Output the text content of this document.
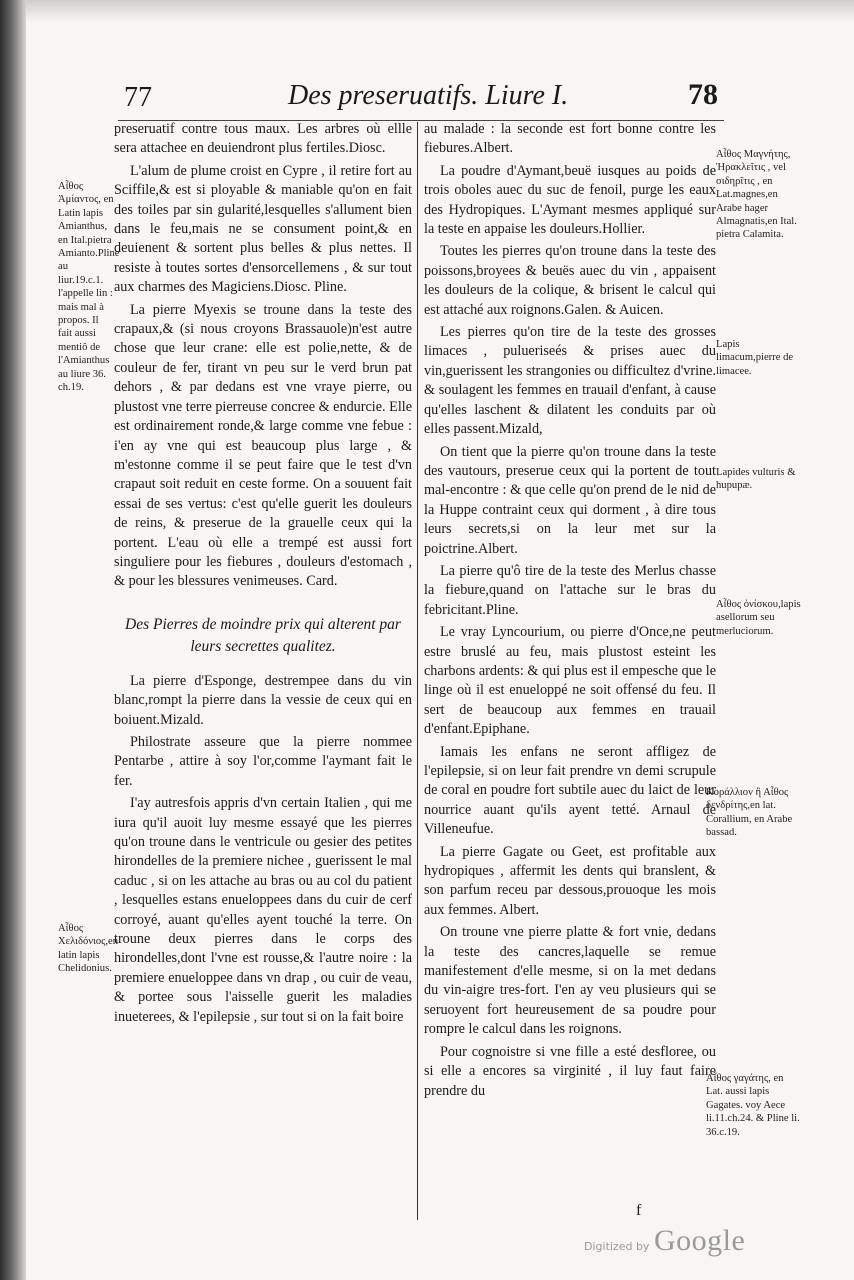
77	Des preseruatifs. Liure I.	78

preseruatif contre tous maux. Les arbres où ellle sera attachee en deuiendront plus fertiles.Diosc.

L'alum de plume croist en Cypre , il retire fort au Sciffile,& est si ployable & maniable qu'on en fait des toiles par sin gularité,lesquelles s'allument bien dans le feu,mais ne se consument point,& en deuienent & sortent plus belles & plus nettes. Il resiste à toutes sortes d'ensorcellemens , & sur tout aux charmes des Magiciens.Diosc. Pline.

La pierre Myexis se troune dans la teste des crapaux,& (si nous croyons Brassauole)n'est autre chose que leur crane: elle est polie,nette, & de couleur de fer, tirant vn peu sur le verd brun pat dehors , & par dedans est vne vraye pierre, ou plustost vne terre pierreuse concree & endurcie. Elle est ordinairement ronde,& large comme vne febue : i'en ay vne qui est beaucoup plus large , & m'estonne comme il se peut faire que le test d'vn crapaut soit reduit en ceste forme. On a souuent fait essai de ses vertus: c'est qu'elle guerit les douleurs de reins, & preserue de la grauelle ceux qui la portent. L'eau où elle a trempé est aussi fort singuliere pour les fiebures , douleurs d'estomach , & pour les blessures venimeuses. Card.

Des Pierres de moindre prix qui alterent par leurs secrettes qualitez.

La pierre d'Esponge, destrempee dans du vin blanc,rompt la pierre dans la vessie de ceux qui en boiuent.Mizald.

Philostrate asseure que la pierre nommee Pentarbe , attire à soy l'or,comme l'aymant fait le fer.

I'ay autresfois appris d'vn certain Italien , qui me iura qu'il auoit luy mesme essayé que les pierres qu'on troune dans le ventricule ou gesier des petites hirondelles de la premiere nichee , guerissent le mal caduc , si on les attache au bras ou au col du patient , lesquelles estans enueloppees dans du cuir de cerf corroyé, auant qu'elles ayent touché la terre. On troune deux pierres dans le corps des hirondelles,dont l'vne est rousse,& l'autre noire : la premiere enueloppee dans vn drap , ou cuir de veau, & portee sous l'aisselle guerit les maladies inueterees, & l'epilepsie , sur tout si on la fait boire

au malade : la seconde est fort bonne contre les fiebures.Albert.

La poudre d'Aymant,beuë iusques au poids de trois oboles auec du suc de fenoil, purge les eaux des Hydropiques. L'Aymant mesmes appliqué sur la teste en appaise les douleurs.Hollier.

Toutes les pierres qu'on troune dans la teste des poissons,broyees & beuës auec du vin , appaisent les douleurs de la colique, & brisent le calcul qui est attaché aux roignons.Galen. & Auicen.

Les pierres qu'on tire de la teste des grosses limaces , pulueriseés & prises auec du vin,guerissent les strangonies ou difficultez d'vrine. & soulagent les femmes en trauail d'enfant, à cause qu'elles laschent & dilatent les conduits par où elles passent.Mizald,

On tient que la pierre qu'on troune dans la teste des vautours, preserue ceux qui la portent de tout mal-encontre : & que celle qu'on prend de le nid de la Huppe contraint ceux qui dorment , à dire tous leurs secrets,si on la leur met sur la poictrine.Albert.

La pierre qu'ô tire de la teste des Merlus chasse la fiebure,quand on l'attache sur le bras du febricitant.Pline.

Le vray Lyncourium, ou pierre d'Once,ne peut estre bruslé au feu, mais plustost esteint les charbons ardents: & qui plus est il empesche que le linge où il est enueloppé ne soit offensé du feu. Il sert de beaucoup aux femmes en trauail d'enfant.Epiphane.

Iamais les enfans ne seront affligez de l'epilepsie, si on leur fait prendre vn demi scrupule de coral en poudre fort subtile auec du laict de leur nourrice auant qu'ils ayent tetté. Arnaul de Villeneufue.

La pierre Gagate ou Geet, est profitable aux hydropiques , affermit les dents qui branslent, & son parfum receu par dessous,prouoque les mois aux femmes. Albert.

On troune vne pierre platte & fort vnie, dedans la teste des cancres,laquelle se remue manifestement d'elle mesme, si on la met dedans du vin-aigre tres-fort. I'en ay veu plusieurs qui se seruoyent fort heureusement de sa poudre pour rompre le calcul dans les roignons.

Pour cognoistre si vne fille a esté desfloree, ou si elle a encores sa virginité , il luy faut faire prendre du

Αἶθος Ἀμίαντος, en Latin lapis Amianthus, en Ital.pietra Amianto.Pline au liur.19.c.1. l'appelle lin : mais mal à propos. Il fait aussi mentiô de l'Amianthus au liure 36. ch.19.
Αἶθος Χελιδόνιος,en latin lapis Chelidonius.
Αἶθος Μαγνήτης, Ἡρακλεῖτις , vel σιδηρῖτις , en Lat.magnes,en Arabe hager Almagnatis,en Ital. pietra Calamita.
Lapis limacum,pierre de limacee.
Lapides vulturis & hupupæ.
Αἶθος ὀνίσκου,lapis asellorum seu merluciorum.
Κοράλλιον ἢ Αἶθος δενδρίτης,en lat. Corallium, en Arabe bassad.
Αἶθος γαγάτης, en Lat. aussi lapis Gagates. voy Aece li.11.ch.24. & Pline li. 36.c.19.
f
Digitized by Google
